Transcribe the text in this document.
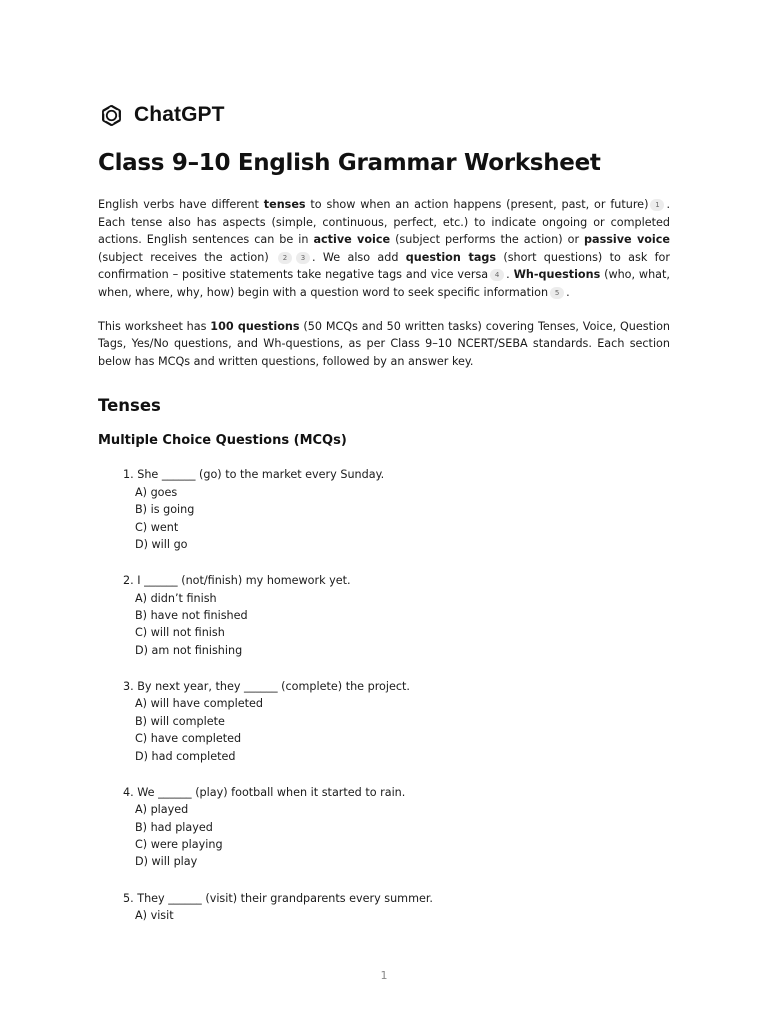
ChatGPT
Class 9–10 English Grammar Worksheet

English verbs have different tenses to show when an action happens (present, past, or future) 1 . Each tense also has aspects (simple, continuous, perfect, etc.) to indicate ongoing or completed actions. English sentences can be in active voice (subject performs the action) or passive voice (subject receives the action) 2 3 . We also add question tags (short questions) to ask for confirmation – positive statements take negative tags and vice versa 4 . Wh-questions (who, what, when, where, why, how) begin with a question word to seek specific information 5 .

This worksheet has 100 questions (50 MCQs and 50 written tasks) covering Tenses, Voice, Question Tags, Yes/No questions, and Wh-questions, as per Class 9–10 NCERT/SEBA standards. Each section below has MCQs and written questions, followed by an answer key.

Tenses
Multiple Choice Questions (MCQs)
1. She ______ (go) to the market every Sunday.
A) goes
B) is going
C) went
D) will go
2. I ______ (not/finish) my homework yet.
A) didn’t finish
B) have not finished
C) will not finish
D) am not finishing
3. By next year, they ______ (complete) the project.
A) will have completed
B) will complete
C) have completed
D) had completed
4. We ______ (play) football when it started to rain.
A) played
B) had played
C) were playing
D) will play
5. They ______ (visit) their grandparents every summer.
A) visit
1
